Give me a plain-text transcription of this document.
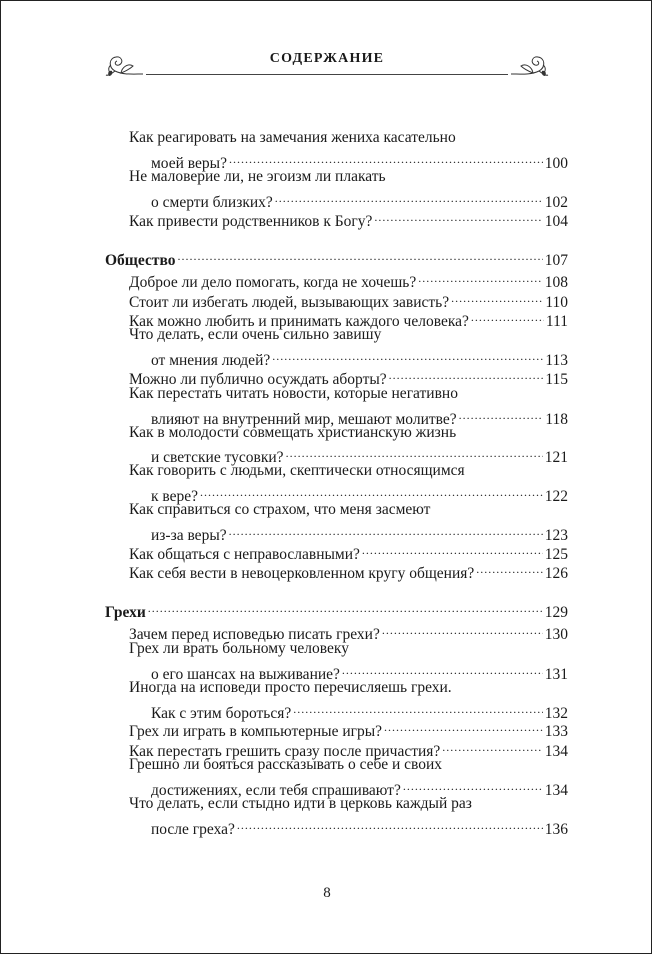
СОДЕРЖАНИЕ
Как реагировать на замечания жениха касательно
моей веры? .....	100
Не маловерие ли, не эгоизм ли плакать
о смерти близких? .....	102
Как привести родственников к Богу? .....	104
Общество .....	107
Доброе ли дело помогать, когда не хочешь? .....	108
Стоит ли избегать людей, вызывающих зависть? .....	110
Как можно любить и принимать каждого человека? .....	111
Что делать, если очень сильно завишу
от мнения людей? .....	113
Можно ли публично осуждать аборты? .....	115
Как перестать читать новости, которые негативно
влияют на внутренний мир, мешают молитве? .....	118
Как в молодости совмещать христианскую жизнь
и светские тусовки? .....	121
Как говорить с людьми, скептически относящимся
к вере? .....	122
Как справиться со страхом, что меня засмеют
из-за веры? .....	123
Как общаться с неправославными? .....	125
Как себя вести в невоцерковленном кругу общения? .....	126
Грехи .....	129
Зачем перед исповедью писать грехи? .....	130
Грех ли врать больному человеку
о его шансах на выживание? .....	131
Иногда на исповеди просто перечисляешь грехи.
Как с этим бороться? .....	132
Грех ли играть в компьютерные игры? .....	133
Как перестать грешить сразу после причастия? .....	134
Грешно ли бояться рассказывать о себе и своих
достижениях, если тебя спрашивают? .....	134
Что делать, если стыдно идти в церковь каждый раз
после греха? .....	136
8
